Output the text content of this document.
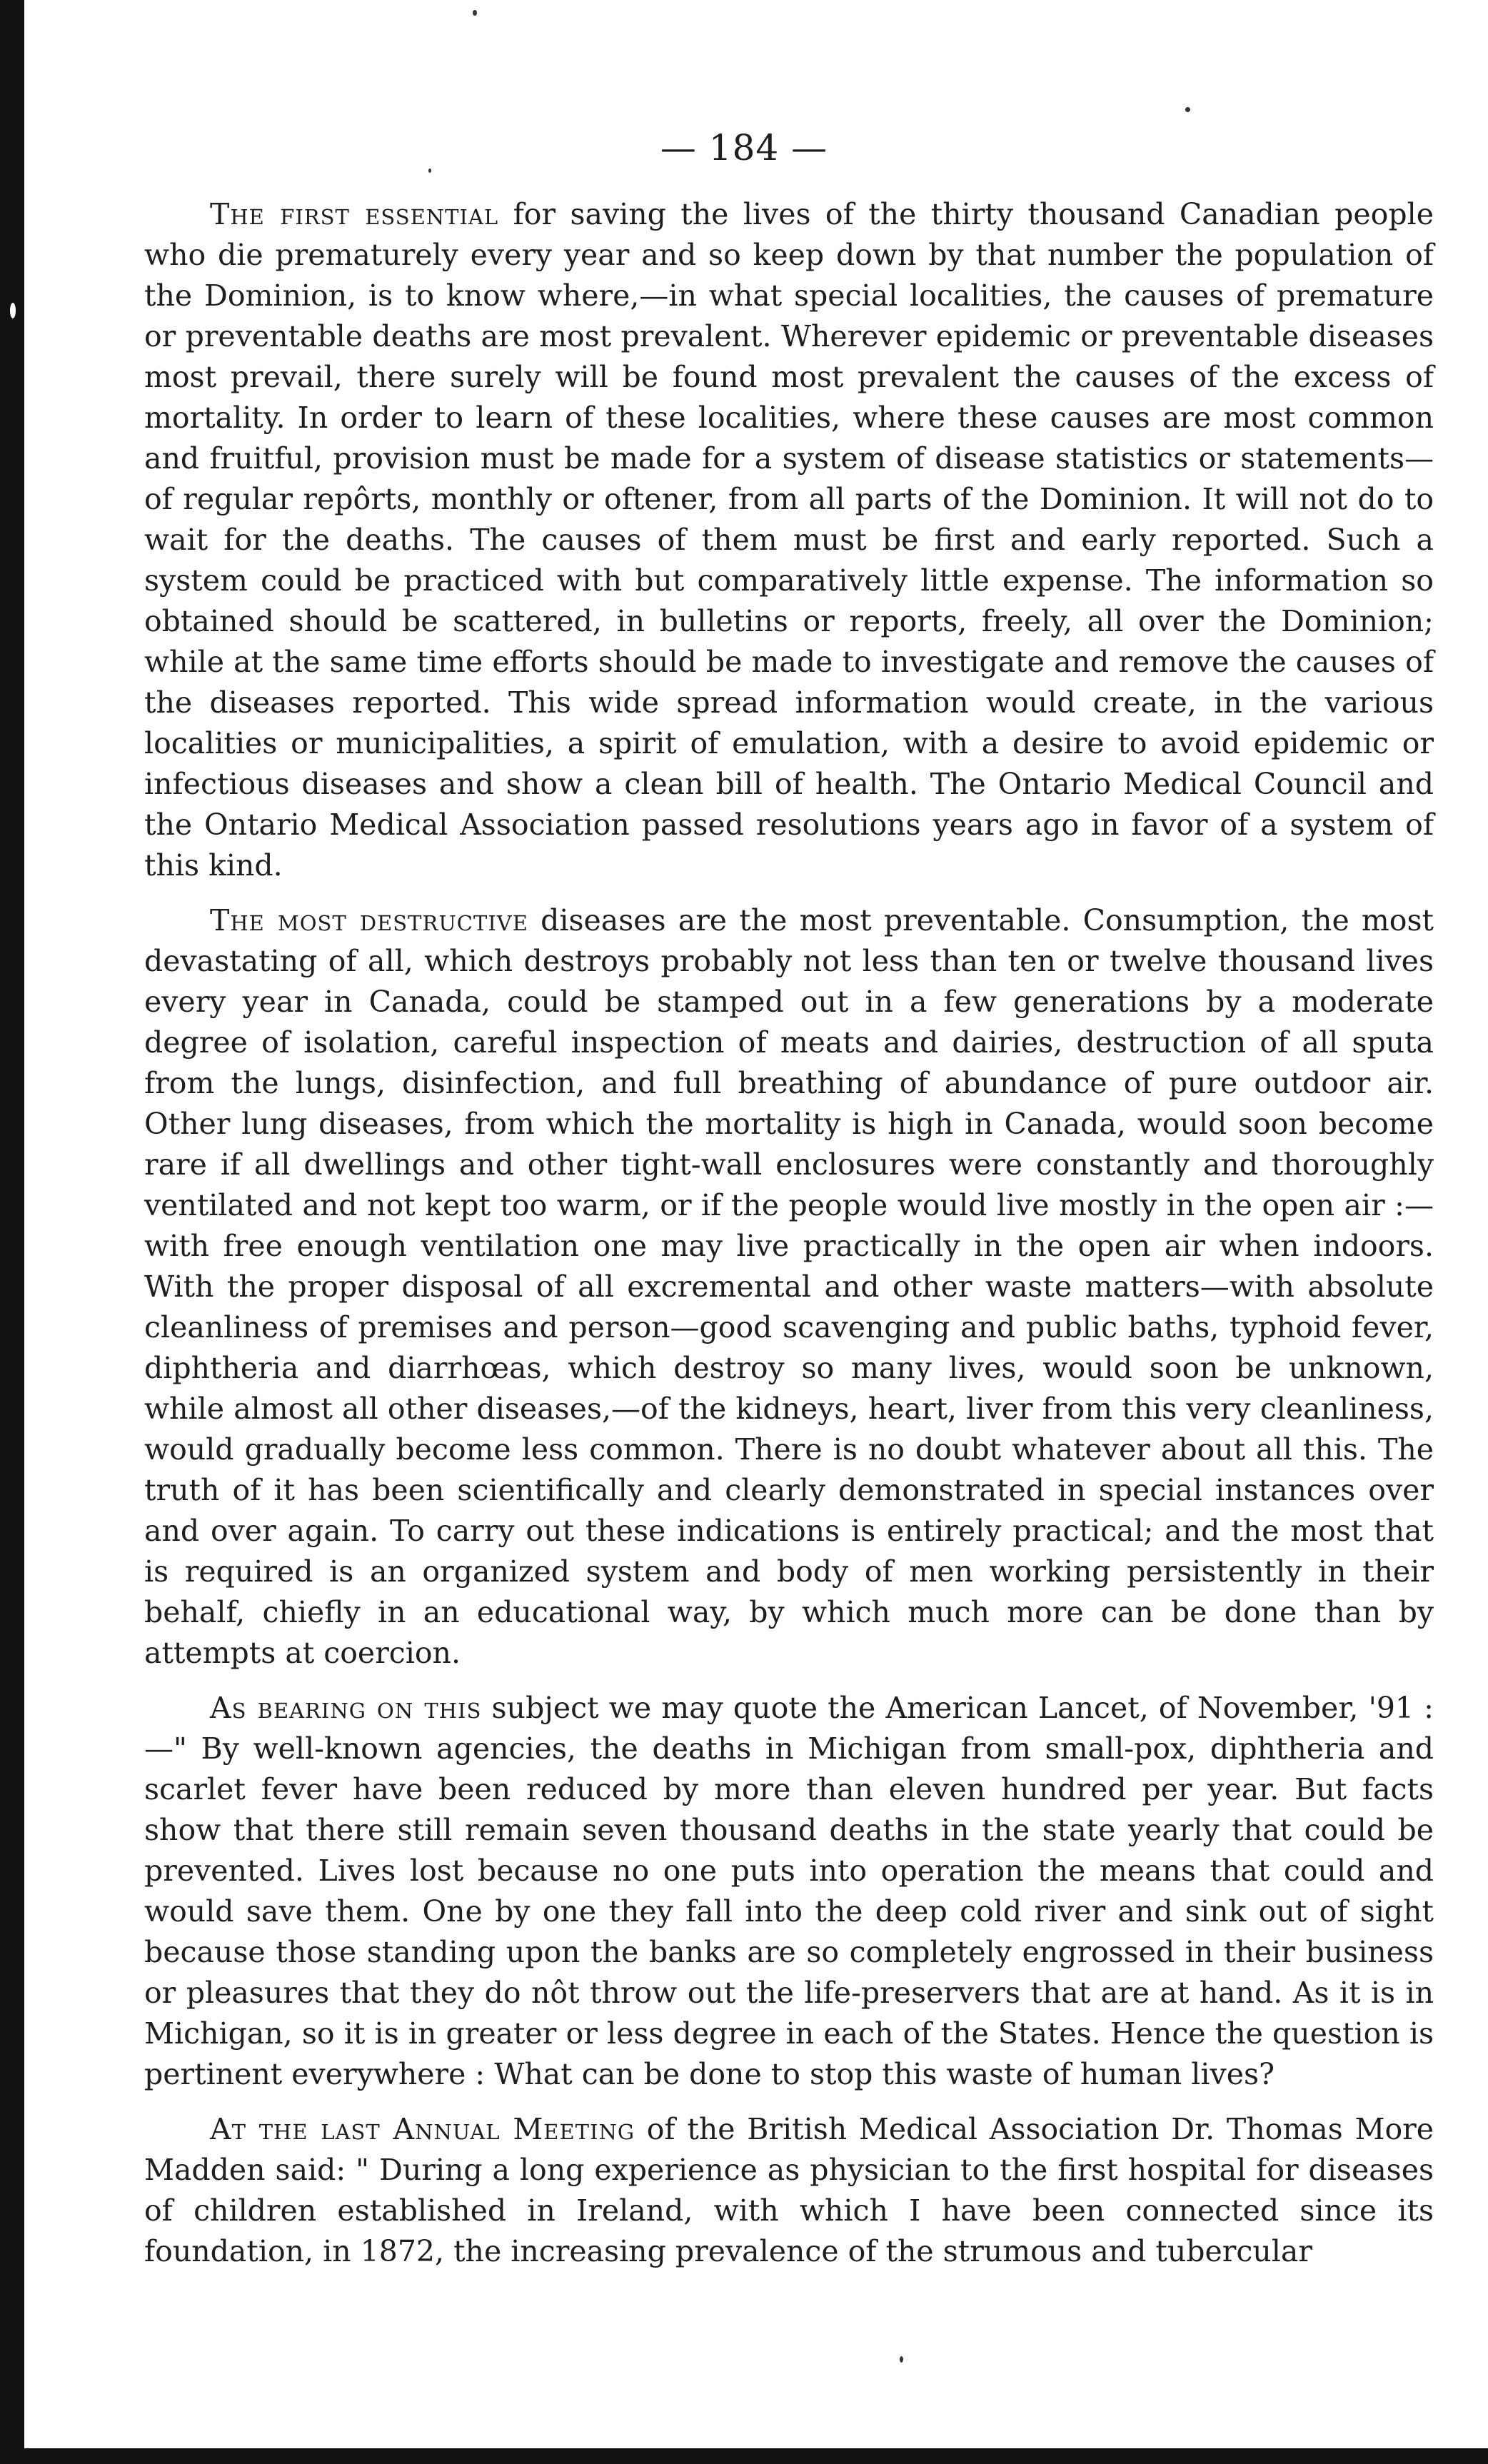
— 184 —

The first essential for saving the lives of the thirty thousand Canadian people who die prematurely every year and so keep down by that number the population of the Dominion, is to know where,—in what special localities, the causes of premature or preventable deaths are most prevalent. Wherever epidemic or preventable diseases most prevail, there surely will be found most prevalent the causes of the excess of mortality. In order to learn of these localities, where these causes are most common and fruitful, provision must be made for a system of disease statistics or statements—of regular repôrts, monthly or oftener, from all parts of the Dominion. It will not do to wait for the deaths. The causes of them must be first and early reported. Such a system could be practiced with but comparatively little expense. The information so obtained should be scattered, in bulletins or reports, freely, all over the Dominion; while at the same time efforts should be made to investigate and remove the causes of the diseases reported. This wide spread information would create, in the various localities or municipalities, a spirit of emulation, with a desire to avoid epidemic or infectious diseases and show a clean bill of health. The Ontario Medical Council and the Ontario Medical Association passed resolutions years ago in favor of a system of this kind.

The most destructive diseases are the most preventable. Consumption, the most devastating of all, which destroys probably not less than ten or twelve thousand lives every year in Canada, could be stamped out in a few generations by a moderate degree of isolation, careful inspection of meats and dairies, destruction of all sputa from the lungs, disinfection, and full breathing of abundance of pure outdoor air. Other lung diseases, from which the mortality is high in Canada, would soon become rare if all dwellings and other tight-wall enclosures were constantly and thoroughly ventilated and not kept too warm, or if the people would live mostly in the open air :—with free enough ventilation one may live practically in the open air when indoors. With the proper disposal of all excremental and other waste matters—with absolute cleanliness of premises and person—good scavenging and public baths, typhoid fever, diphtheria and diarrhœas, which destroy so many lives, would soon be unknown, while almost all other diseases,—of the kidneys, heart, liver from this very cleanliness, would gradually become less common. There is no doubt whatever about all this. The truth of it has been scientifically and clearly demonstrated in special instances over and over again. To carry out these indications is entirely practical; and the most that is required is an organized system and body of men working persistently in their behalf, chiefly in an educational way, by which much more can be done than by attempts at coercion.

As bearing on this subject we may quote the American Lancet, of November, '91 :—" By well-known agencies, the deaths in Michigan from small-pox, diphtheria and scarlet fever have been reduced by more than eleven hundred per year. But facts show that there still remain seven thousand deaths in the state yearly that could be prevented. Lives lost because no one puts into operation the means that could and would save them. One by one they fall into the deep cold river and sink out of sight because those standing upon the banks are so completely engrossed in their business or pleasures that they do nôt throw out the life-preservers that are at hand. As it is in Michigan, so it is in greater or less degree in each of the States. Hence the question is pertinent everywhere : What can be done to stop this waste of human lives?

At the last Annual Meeting of the British Medical Association Dr. Thomas More Madden said: " During a long experience as physician to the first hospital for diseases of children established in Ireland, with which I have been connected since its foundation, in 1872, the increasing prevalence of the strumous and tubercular
